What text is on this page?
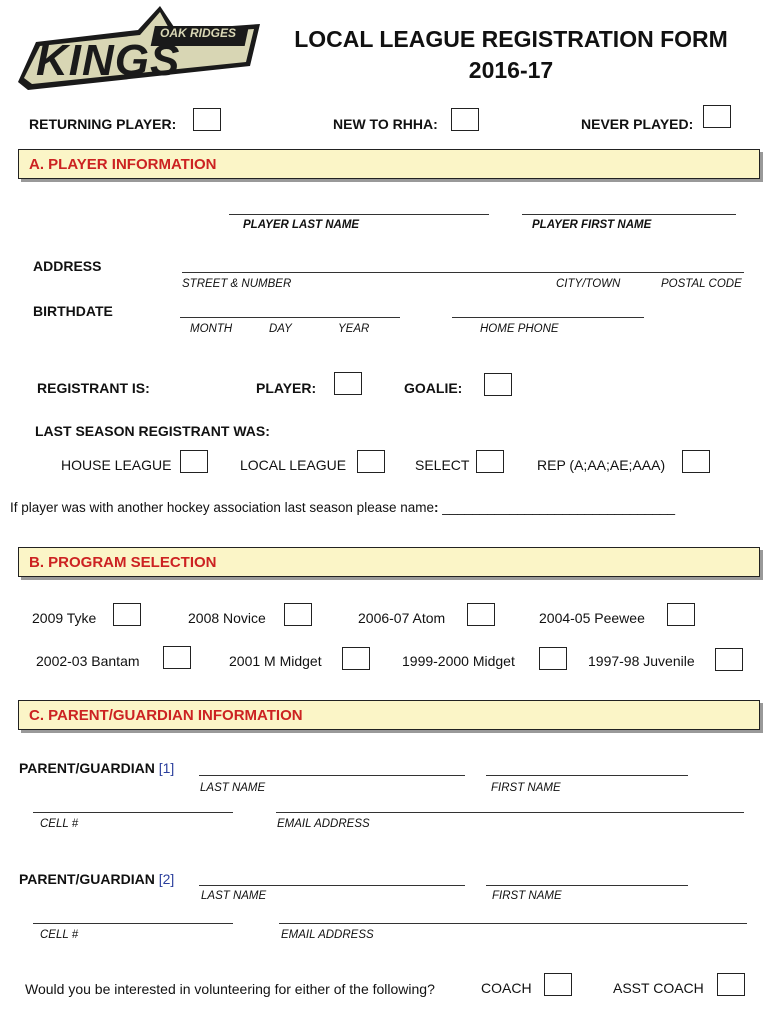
OAK RIDGES
KINGS	LOCAL LEAGUE REGISTRATION FORM
2016-17
RETURNING PLAYER:	NEW TO RHHA:	NEVER PLAYED:
A. PLAYER INFORMATION
PLAYER LAST NAME	PLAYER FIRST NAME
ADDRESS
STREET & NUMBER	CITY/TOWN	POSTAL CODE
BIRTHDATE
MONTH	DAY	YEAR	HOME PHONE
REGISTRANT IS:	PLAYER:	GOALIE:
LAST SEASON REGISTRANT WAS:
HOUSE LEAGUE	LOCAL LEAGUE	SELECT	REP (A;AA;AE;AAA)
If player was with another hockey association last season please name: _______________________________
B. PROGRAM SELECTION
2009 Tyke	2008 Novice	2006-07 Atom	2004-05 Peewee
2002-03 Bantam	2001 M Midget	1999-2000 Midget	1997-98 Juvenile
C. PARENT/GUARDIAN INFORMATION
PARENT/GUARDIAN [1]
LAST NAME	FIRST NAME
CELL #	EMAIL ADDRESS
PARENT/GUARDIAN [2]
LAST NAME	FIRST NAME
CELL #	EMAIL ADDRESS
Would you be interested in volunteering for either of the following?	COACH	ASST COACH
